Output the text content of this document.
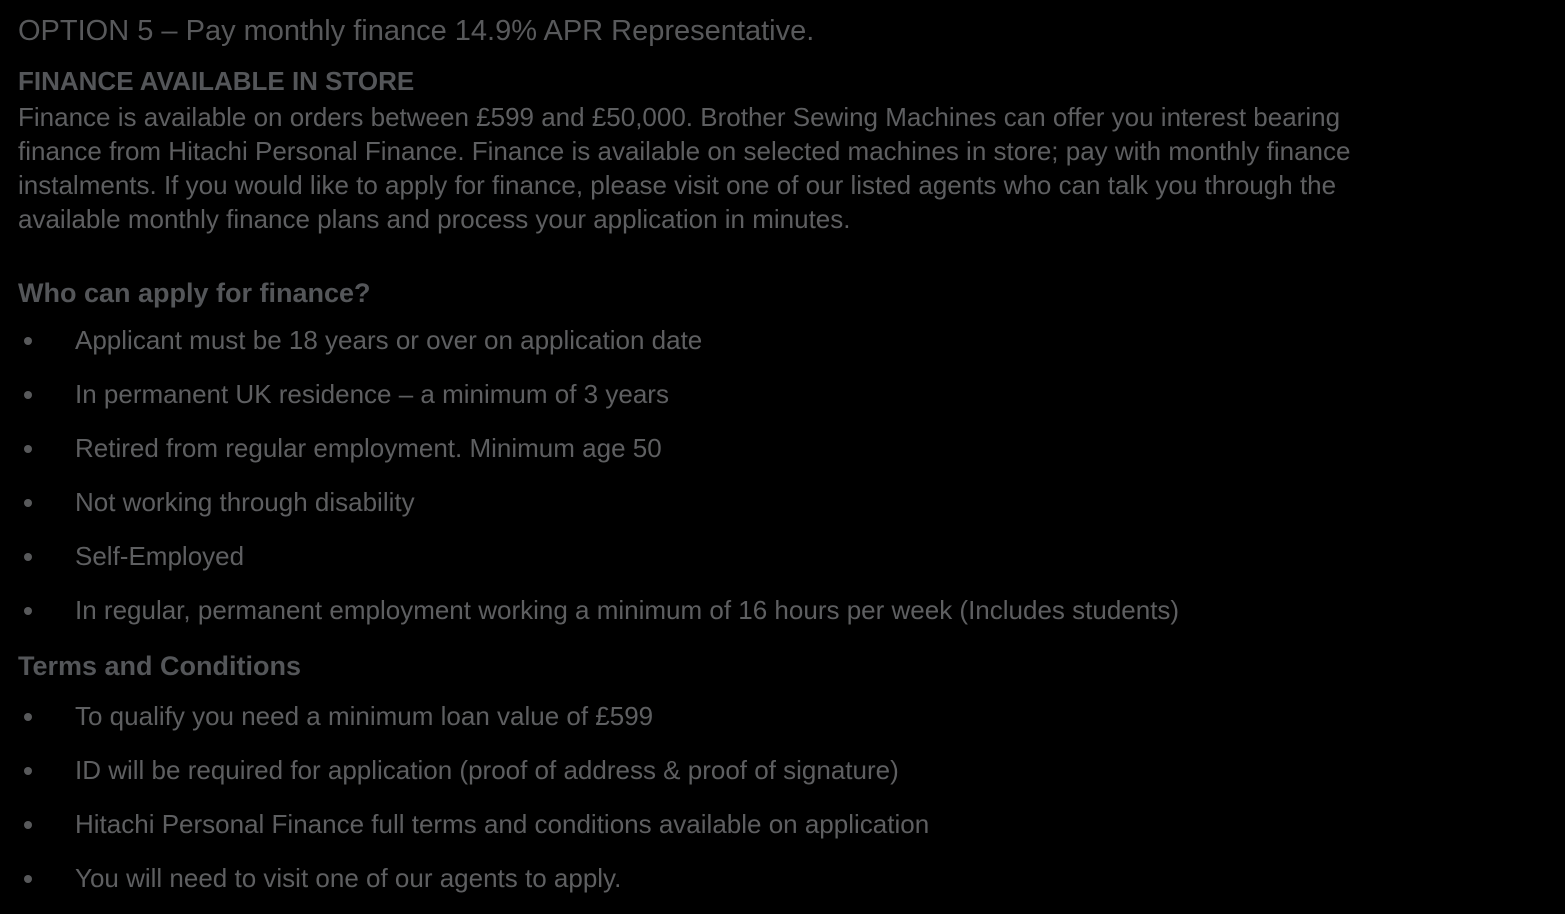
OPTION 5 – Pay monthly finance 14.9% APR Representative.

FINANCE AVAILABLE IN STORE
Finance is available on orders between £599 and £50,000. Brother Sewing Machines can offer you interest bearing
finance from Hitachi Personal Finance. Finance is available on selected machines in store; pay with monthly finance
instalments. If you would like to apply for finance, please visit one of our listed agents who can talk you through the
available monthly finance plans and process your application in minutes.
Who can apply for finance?
Applicant must be 18 years or over on application date
In permanent UK residence – a minimum of 3 years
Retired from regular employment. Minimum age 50
Not working through disability
Self-Employed
In regular, permanent employment working a minimum of 16 hours per week (Includes students)
Terms and Conditions
To qualify you need a minimum loan value of £599
ID will be required for application (proof of address & proof of signature)
Hitachi Personal Finance full terms and conditions available on application
You will need to visit one of our agents to apply.
